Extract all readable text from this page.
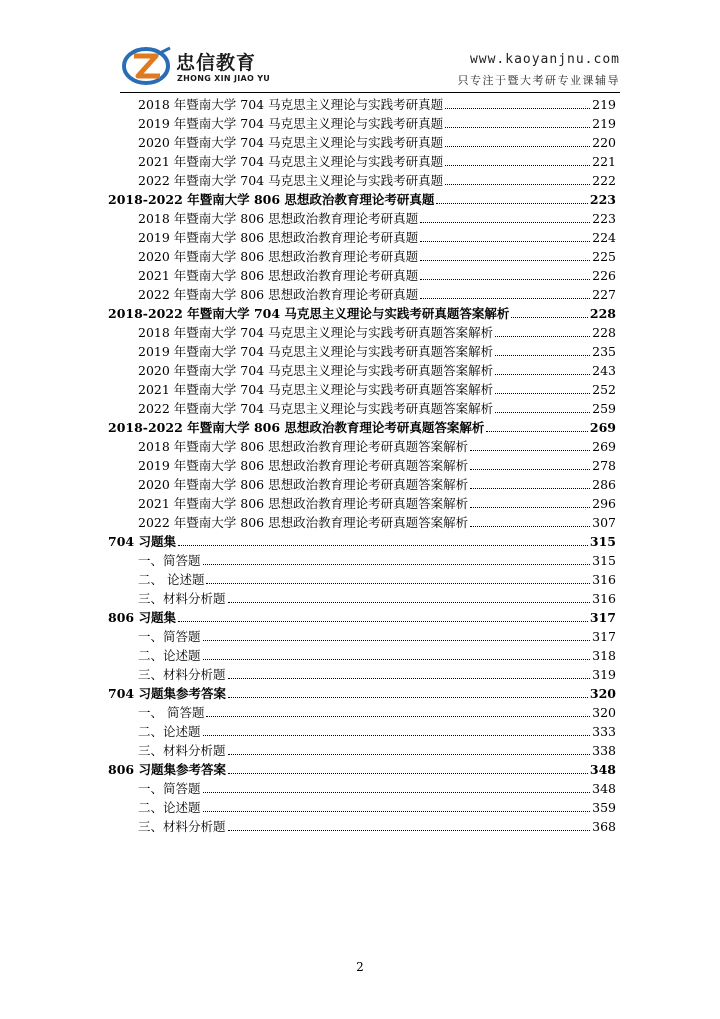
忠信教育
ZHONG XIN JIAO YU
www.kaoyanjnu.com
只专注于暨大考研专业课辅导
2018 年暨南大学 704 马克思主义理论与实践考研真题	219
2019 年暨南大学 704 马克思主义理论与实践考研真题	219
2020 年暨南大学 704 马克思主义理论与实践考研真题	220
2021 年暨南大学 704 马克思主义理论与实践考研真题	221
2022 年暨南大学 704 马克思主义理论与实践考研真题	222
2018-2022 年暨南大学 806 思想政治教育理论考研真题	223
2018 年暨南大学 806 思想政治教育理论考研真题	223
2019 年暨南大学 806 思想政治教育理论考研真题	224
2020 年暨南大学 806 思想政治教育理论考研真题	225
2021 年暨南大学 806 思想政治教育理论考研真题	226
2022 年暨南大学 806 思想政治教育理论考研真题	227
2018-2022 年暨南大学 704 马克思主义理论与实践考研真题答案解析	228
2018 年暨南大学 704 马克思主义理论与实践考研真题答案解析	228
2019 年暨南大学 704 马克思主义理论与实践考研真题答案解析	235
2020 年暨南大学 704 马克思主义理论与实践考研真题答案解析	243
2021 年暨南大学 704 马克思主义理论与实践考研真题答案解析	252
2022 年暨南大学 704 马克思主义理论与实践考研真题答案解析	259
2018-2022 年暨南大学 806 思想政治教育理论考研真题答案解析	269
2018 年暨南大学 806 思想政治教育理论考研真题答案解析	269
2019 年暨南大学 806 思想政治教育理论考研真题答案解析	278
2020 年暨南大学 806 思想政治教育理论考研真题答案解析	286
2021 年暨南大学 806 思想政治教育理论考研真题答案解析	296
2022 年暨南大学 806 思想政治教育理论考研真题答案解析	307
704 习题集	315
一、简答题	315
二、 论述题	316
三、材料分析题	316
806 习题集	317
一、简答题	317
二、论述题	318
三、材料分析题	319
704 习题集参考答案	320
一、 简答题	320
二、论述题	333
三、材料分析题	338
806 习题集参考答案	348
一、简答题	348
二、论述题	359
三、材料分析题	368
2
